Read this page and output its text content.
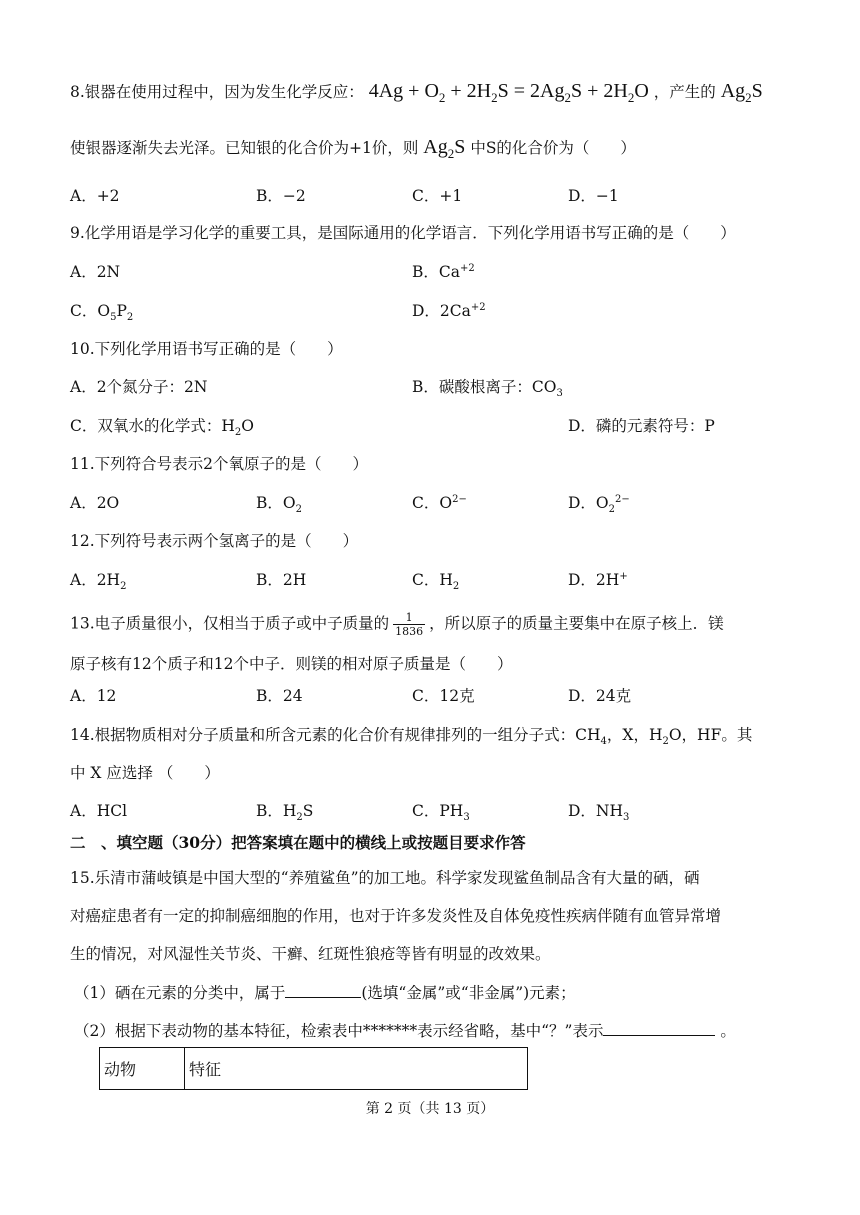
8.银器在使用过程中，因为发生化学反应： $4Ag + O_2 + 2H_2S = 2Ag_2S + 2H_2O$ ，产生的 $Ag_2S$
使银器逐渐失去光泽。已知银的化合价为+1价，则 $Ag_2S$ 中S的化合价为（　　）
A．+2	B．−2	C．+1	D．−1
9.化学用语是学习化学的重要工具，是国际通用的化学语言．下列化学用语书写正确的是（　　）
A．2N	B．$Ca^{+2}$
C．$O_5P_2$	D．$2Ca^{+2}$
10.下列化学用语书写正确的是（　　）
A．2个氮分子：2N	B．碳酸根离子：$CO_3$
C．双氧水的化学式：$H_2O$	D．磷的元素符号：P
11.下列符合号表示2个氧原子的是（　　）
A．2O	B．$O_2$	C．$O^{2-}$	D．$O_2^{2-}$
12.下列符号表示两个氢离子的是（　　）
A．$2H_2$	B．2H	C．$H_2$	D．2H+
13.电子质量很小，仅相当于质子或中子质量的 $\frac{1}{1836}$ ，所以原子的质量主要集中在原子核上．镁
原子核有12个质子和12个中子．则镁的相对原子质量是（　　）
A．12	B．24	C．12克	D．24克
14.根据物质相对分子质量和所含元素的化合价有规律排列的一组分子式：$CH_4$，X，$H_2O$，HF。其
中 X 应选择 （　　）
A．HCl	B．$H_2S$	C．$PH_3$	D．$NH_3$
二　、填空题（30分）把答案填在题中的横线上或按题目要求作答
15.乐清市蒲岐镇是中国大型的“养殖鲨鱼”的加工地。科学家发现鲨鱼制品含有大量的硒，硒
对癌症患者有一定的抑制癌细胞的作用，也对于许多发炎性及自体免疫性疾病伴随有血管异常增
生的情况，对风湿性关节炎、干癣、红斑性狼疮等皆有明显的改效果。
（1）硒在元素的分类中，属于	(选填“金属”或“非金属”)元素；
（2）根据下表动物的基本特征，检索表中*******表示经省略，基中“？”表示	。
动物	特征
第 2 页（共 13 页）
